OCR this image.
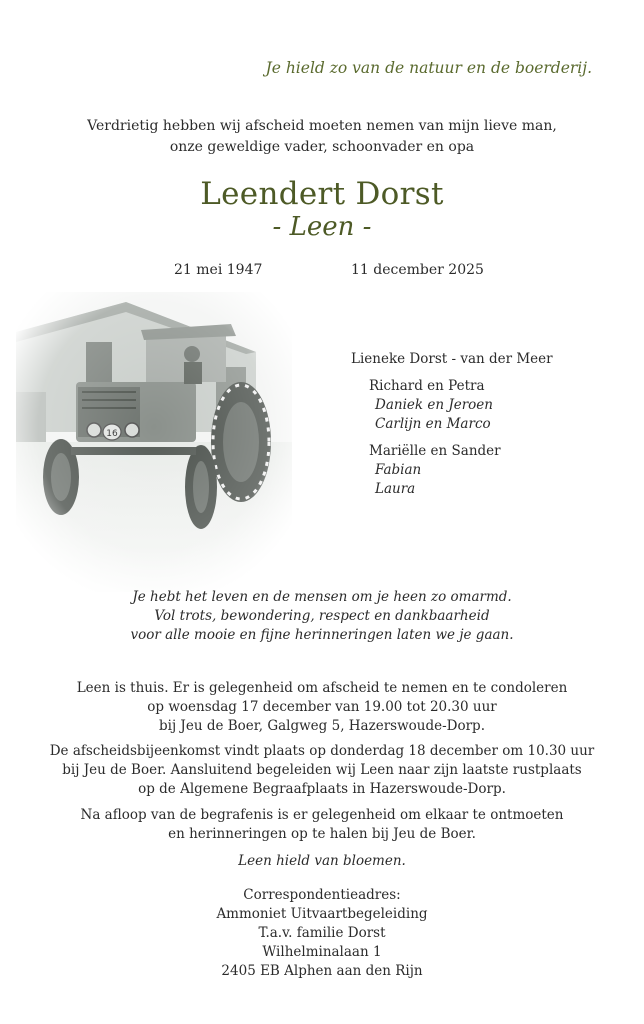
Je hield zo van de natuur en de boerderij.
Verdrietig hebben wij afscheid moeten nemen van mijn lieve man,
onze geweldige vader, schoonvader en opa
Leendert Dorst
- Leen -
21 mei 1947	11 december 2025
Lieneke Dorst - van der Meer
Richard en Petra
Daniek en Jeroen
Carlijn en Marco
Mariëlle en Sander
Fabian
Laura
Je hebt het leven en de mensen om je heen zo omarmd.
Vol trots, bewondering, respect en dankbaarheid
voor alle mooie en fijne herinneringen laten we je gaan.
Leen is thuis. Er is gelegenheid om afscheid te nemen en te condoleren
op woensdag 17 december van 19.00 tot 20.30 uur
bij Jeu de Boer, Galgweg 5, Hazerswoude-Dorp.
De afscheidsbijeenkomst vindt plaats op donderdag 18 december om 10.30 uur
bij Jeu de Boer. Aansluitend begeleiden wij Leen naar zijn laatste rustplaats
op de Algemene Begraafplaats in Hazerswoude-Dorp.
Na afloop van de begrafenis is er gelegenheid om elkaar te ontmoeten
en herinneringen op te halen bij Jeu de Boer.
Leen hield van bloemen.
Correspondentieadres:
Ammoniet Uitvaartbegeleiding
T.a.v. familie Dorst
Wilhelminalaan 1
2405 EB Alphen aan den Rijn
